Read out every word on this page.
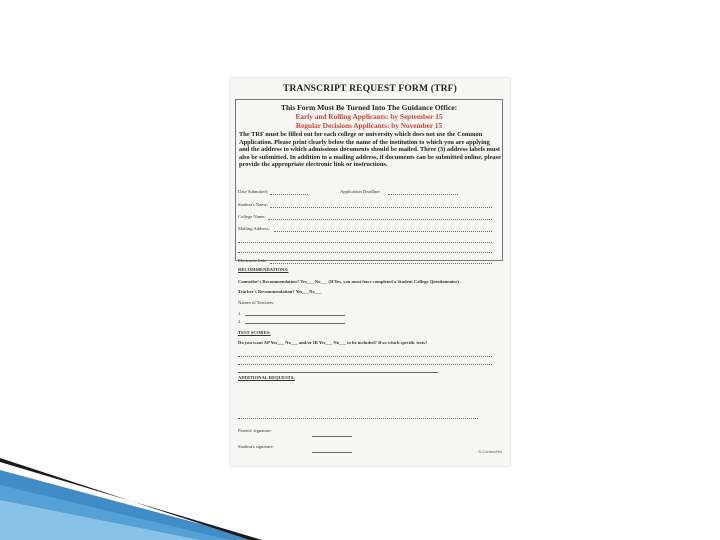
TRANSCRIPT REQUEST FORM (TRF)
This Form Must Be Turned Into The Guidance Office:
Early and Rolling Applicants: by September 15
Regular Decisions Applicants: by November 15
The TRF must be filled out for each college or university which does not use the Common Application. Please print clearly below the name of the institution to which you are applying and the address to which admissions documents should be mailed. Three (3) address labels must also be submitted. In addition to a mailing address, if documents can be submitted online, please provide the appropriate electronic link or instructions.
Date Submitted:	Application Deadline:
Student's Name:
College Name:
Mailing Address:
Electronic link:
RECOMMENDATIONS:
Counselor's Recommendation? Yes___ No___ (If Yes, you must have completed a Student College Questionnaire)
Teacher's Recommendation? Yes___No___
Names of Teachers:
1.
2.
TEST SCORES:
Do you want AP Yes___ No___ and/or IB Yes___ No___ to be included? If so which specific tests?
ADDITIONAL REQUESTS:
Parents' signature:
Student's signature:
S.Cordon/Hill
